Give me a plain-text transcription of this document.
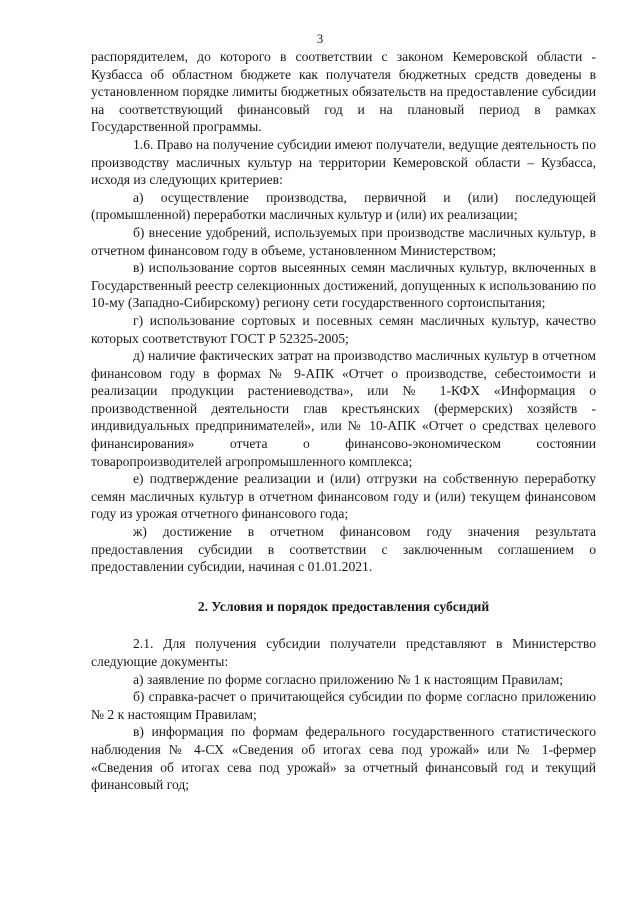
3

распорядителем, до которого в соответствии с законом Кемеровской области - Кузбасса об областном бюджете как получателя бюджетных средств доведены в установленном порядке лимиты бюджетных обязательств на предоставление субсидии на соответствующий финансовый год и на плановый период в рамках Государственной программы.

1.6. Право на получение субсидии имеют получатели, ведущие деятельность по производству масличных культур на территории Кемеровской области – Кузбасса, исходя из следующих критериев:

а) осуществление производства, первичной и (или) последующей (промышленной) переработки масличных культур и (или) их реализации;

б) внесение удобрений, используемых при производстве масличных культур, в отчетном финансовом году в объеме, установленном Министерством;

в) использование сортов высеянных семян масличных культур, включенных в Государственный реестр селекционных достижений, допущенных к использованию по 10-му (Западно-Сибирскому) региону сети государственного сортоиспытания;

г) использование сортовых и посевных семян масличных культур, качество которых соответствуют ГОСТ Р 52325-2005;

д) наличие фактических затрат на производство масличных культур в отчетном финансовом году в формах № 9-АПК «Отчет о производстве, себестоимости и реализации продукции растениеводства», или № 1-КФХ «Информация о производственной деятельности глав крестьянских (фермерских) хозяйств - индивидуальных предпринимателей», или № 10-АПК «Отчет о средствах целевого финансирования» отчета о финансово-экономическом состоянии товаропроизводителей агропромышленного комплекса;

е) подтверждение реализации и (или) отгрузки на собственную переработку семян масличных культур в отчетном финансовом году и (или) текущем финансовом году из урожая отчетного финансового года;

ж) достижение в отчетном финансовом году значения результата предоставления субсидии в соответствии с заключенным соглашением о предоставлении субсидии, начиная с 01.01.2021.

2. Условия и порядок предоставления субсидий

2.1. Для получения субсидии получатели представляют в Министерство следующие документы:

а) заявление по форме согласно приложению № 1 к настоящим Правилам;

б) справка-расчет о причитающейся субсидии по форме согласно приложению № 2 к настоящим Правилам;

в) информация по формам федерального государственного статистического наблюдения № 4-СХ «Сведения об итогах сева под урожай» или № 1-фермер «Сведения об итогах сева под урожай» за отчетный финансовый год и текущий финансовый год;
